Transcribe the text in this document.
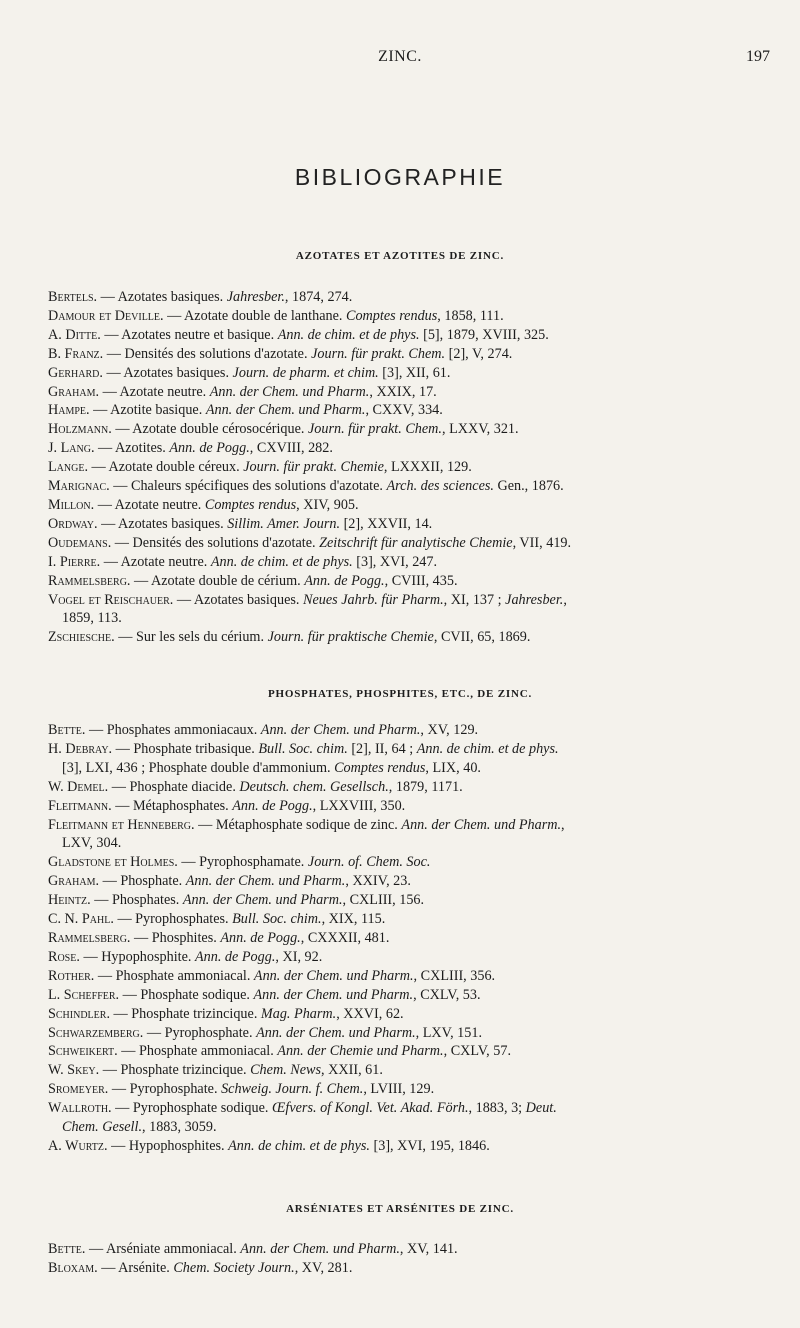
ZINC.	197
BIBLIOGRAPHIE
AZOTATES ET AZOTITES DE ZINC.
Bertels. — Azotates basiques. Jahresber., 1874, 274.
Damour et Deville. — Azotate double de lanthane. Comptes rendus, 1858, 111.
A. Ditte. — Azotates neutre et basique. Ann. de chim. et de phys. [5], 1879, XVIII, 325.
B. Franz. — Densités des solutions d'azotate. Journ. für prakt. Chem. [2], V, 274.
Gerhard. — Azotates basiques. Journ. de pharm. et chim. [3], XII, 61.
Graham. — Azotate neutre. Ann. der Chem. und Pharm., XXIX, 17.
Hampe. — Azotite basique. Ann. der Chem. und Pharm., CXXV, 334.
Holzmann. — Azotate double cérosocérique. Journ. für prakt. Chem., LXXV, 321.
J. Lang. — Azotites. Ann. de Pogg., CXVIII, 282.
Lange. — Azotate double céreux. Journ. für prakt. Chemie, LXXXII, 129.
Marignac. — Chaleurs spécifiques des solutions d'azotate. Arch. des sciences. Gen., 1876.
Millon. — Azotate neutre. Comptes rendus, XIV, 905.
Ordway. — Azotates basiques. Sillim. Amer. Journ. [2], XXVII, 14.
Oudemans. — Densités des solutions d'azotate. Zeitschrift für analytische Chemie, VII, 419.
I. Pierre. — Azotate neutre. Ann. de chim. et de phys. [3], XVI, 247.
Rammelsberg. — Azotate double de cérium. Ann. de Pogg., CVIII, 435.
Vogel et Reischauer. — Azotates basiques. Neues Jahrb. für Pharm., XI, 137 ; Jahresber.,
1859, 113.
Zschiesche. — Sur les sels du cérium. Journ. für praktische Chemie, CVII, 65, 1869.
PHOSPHATES, PHOSPHITES, ETC., DE ZINC.
Bette. — Phosphates ammoniacaux. Ann. der Chem. und Pharm., XV, 129.
H. Debray. — Phosphate tribasique. Bull. Soc. chim. [2], II, 64 ; Ann. de chim. et de phys.
[3], LXI, 436 ; Phosphate double d'ammonium. Comptes rendus, LIX, 40.
W. Demel. — Phosphate diacide. Deutsch. chem. Gesellsch., 1879, 1171.
Fleitmann. — Métaphosphates. Ann. de Pogg., LXXVIII, 350.
Fleitmann et Henneberg. — Métaphosphate sodique de zinc. Ann. der Chem. und Pharm.,
LXV, 304.
Gladstone et Holmes. — Pyrophosphamate. Journ. of. Chem. Soc.
Graham. — Phosphate. Ann. der Chem. und Pharm., XXIV, 23.
Heintz. — Phosphates. Ann. der Chem. und Pharm., CXLIII, 156.
C. N. Pahl. — Pyrophosphates. Bull. Soc. chim., XIX, 115.
Rammelsberg. — Phosphites. Ann. de Pogg., CXXXII, 481.
Rose. — Hypophosphite. Ann. de Pogg., XI, 92.
Rother. — Phosphate ammoniacal. Ann. der Chem. und Pharm., CXLIII, 356.
L. Scheffer. — Phosphate sodique. Ann. der Chem. und Pharm., CXLV, 53.
Schindler. — Phosphate trizincique. Mag. Pharm., XXVI, 62.
Schwarzemberg. — Pyrophosphate. Ann. der Chem. und Pharm., LXV, 151.
Schweikert. — Phosphate ammoniacal. Ann. der Chemie und Pharm., CXLV, 57.
W. Skey. — Phosphate trizincique. Chem. News, XXII, 61.
Sromeyer. — Pyrophosphate. Schweig. Journ. f. Chem., LVIII, 129.
Wallroth. — Pyrophosphate sodique. Œfvers. of Kongl. Vet. Akad. Förh., 1883, 3; Deut.
Chem. Gesell., 1883, 3059.
A. Wurtz. — Hypophosphites. Ann. de chim. et de phys. [3], XVI, 195, 1846.
ARSÉNIATES ET ARSÉNITES DE ZINC.
Bette. — Arséniate ammoniacal. Ann. der Chem. und Pharm., XV, 141.
Bloxam. — Arsénite. Chem. Society Journ., XV, 281.
